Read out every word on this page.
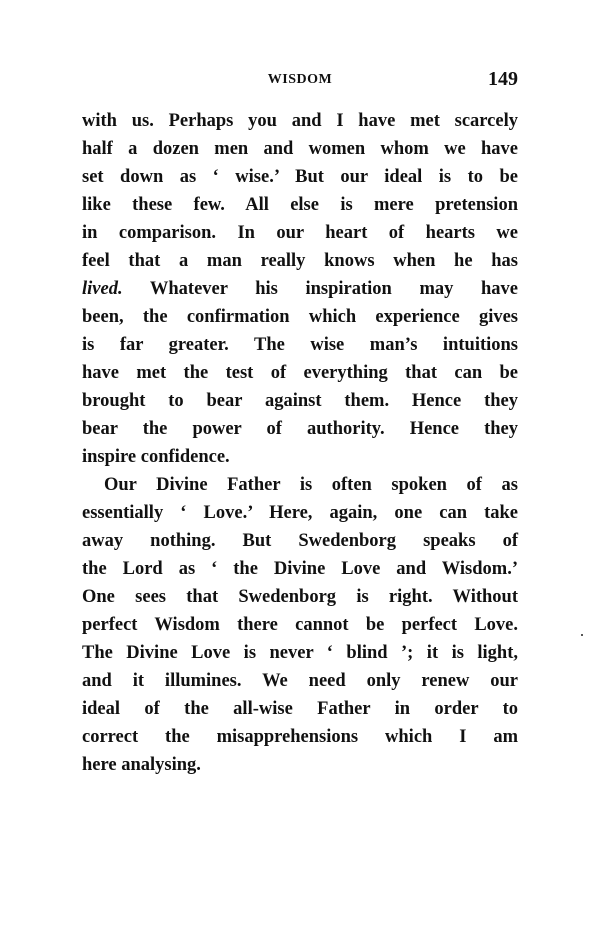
WISDOM	149
with us. Perhaps you and I have met scarcely
half a dozen men and women whom we have
set down as ‘ wise.’ But our ideal is to be
like these few. All else is mere pretension
in comparison. In our heart of hearts we
feel that a man really knows when he has
lived. Whatever his inspiration may have
been, the confirmation which experience gives
is far greater. The wise man’s intuitions
have met the test of everything that can be
brought to bear against them. Hence they
bear the power of authority. Hence they
inspire confidence.
Our Divine Father is often spoken of as
essentially ‘ Love.’ Here, again, one can take
away nothing. But Swedenborg speaks of
the Lord as ‘ the Divine Love and Wisdom.’
One sees that Swedenborg is right. Without
perfect Wisdom there cannot be perfect Love.
The Divine Love is never ‘ blind ’; it is light,
and it illumines. We need only renew our
ideal of the all-wise Father in order to
correct the misapprehensions which I am
here analysing.
